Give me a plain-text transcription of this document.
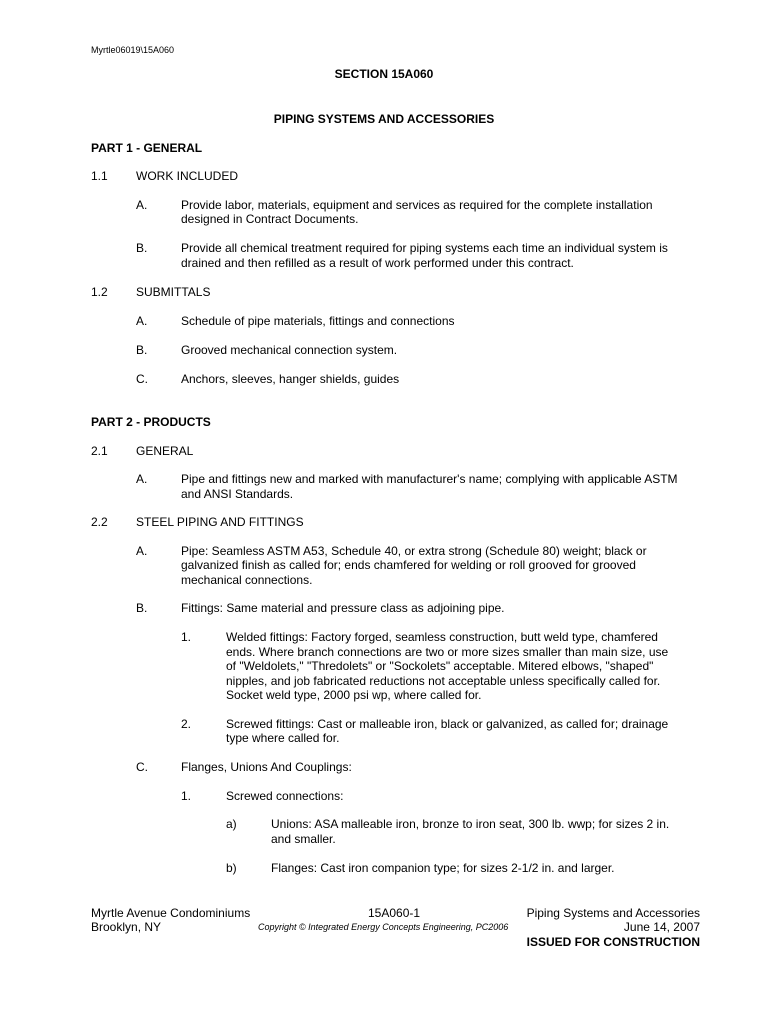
Myrtle06019\15A060
SECTION 15A060
PIPING SYSTEMS AND ACCESSORIES
PART 1 - GENERAL
1.1 WORK INCLUDED
A.	Provide labor, materials, equipment and services as required for the complete installation
designed in Contract Documents.
B.	Provide all chemical treatment required for piping systems each time an individual system is
drained and then refilled as a result of work performed under this contract.
1.2 SUBMITTALS
A.	Schedule of pipe materials, fittings and connections
B.	Grooved mechanical connection system.
C.	Anchors, sleeves, hanger shields, guides
PART 2 - PRODUCTS
2.1 GENERAL
A.	Pipe and fittings new and marked with manufacturer's name; complying with applicable ASTM
and ANSI Standards.
2.2 STEEL PIPING AND FITTINGS
A.	Pipe: Seamless ASTM A53, Schedule 40, or extra strong (Schedule 80) weight; black or
galvanized finish as called for; ends chamfered for welding or roll grooved for grooved
mechanical connections.
B.	Fittings: Same material and pressure class as adjoining pipe.
1.	Welded fittings: Factory forged, seamless construction, butt weld type, chamfered
ends. Where branch connections are two or more sizes smaller than main size, use
of "Weldolets," "Thredolets" or "Sockolets" acceptable. Mitered elbows, "shaped"
nipples, and job fabricated reductions not acceptable unless specifically called for.
Socket weld type, 2000 psi wp, where called for.
2.	Screwed fittings: Cast or malleable iron, black or galvanized, as called for; drainage
type where called for.
C.	Flanges, Unions And Couplings:
1.	Screwed connections:
a)	Unions: ASA malleable iron, bronze to iron seat, 300 lb. wwp; for sizes 2 in.
and smaller.
b)	Flanges: Cast iron companion type; for sizes 2-1/2 in. and larger.
Myrtle Avenue Condominiums
Brooklyn, NY
15A060-1
Copyright © Integrated Energy Concepts Engineering, PC2006
Piping Systems and Accessories
June 14, 2007
ISSUED FOR CONSTRUCTION
